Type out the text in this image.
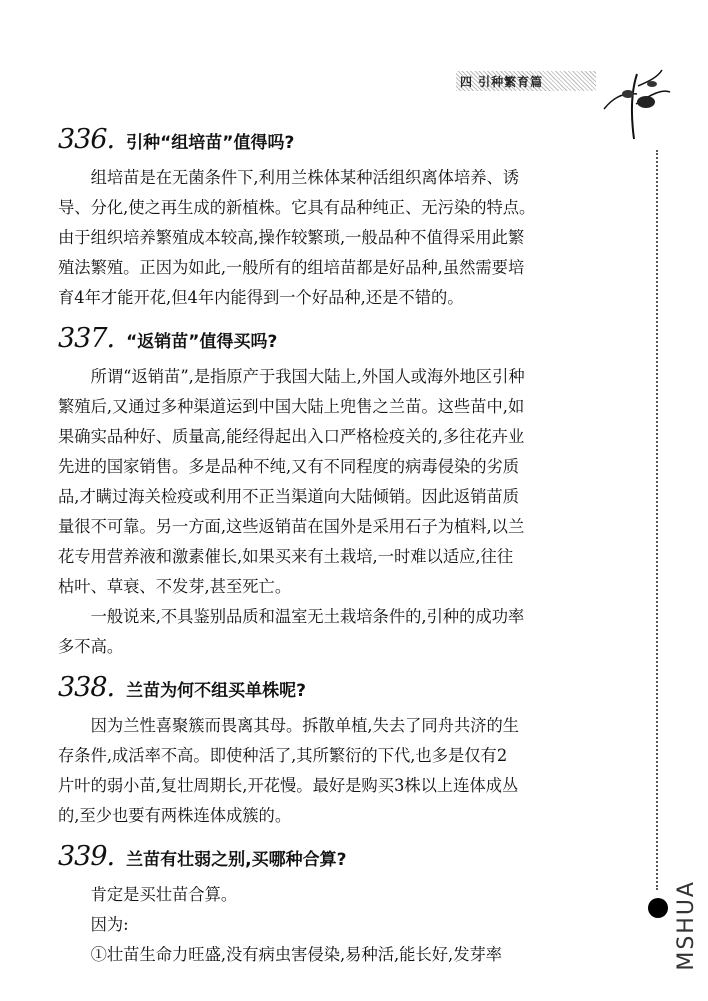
四 引种繁育篇
MSHUA
336. 引种“组培苗”值得吗?

组培苗是在无菌条件下,利用兰株体某种活组织离体培养、诱

导、分化,使之再生成的新植株。它具有品种纯正、无污染的特点。

由于组织培养繁殖成本较高,操作较繁琐,一般品种不值得采用此繁

殖法繁殖。正因为如此,一般所有的组培苗都是好品种,虽然需要培

育4年才能开花,但4年内能得到一个好品种,还是不错的。

337. “返销苗”值得买吗?

所谓“返销苗”,是指原产于我国大陆上,外国人或海外地区引种

繁殖后,又通过多种渠道运到中国大陆上兜售之兰苗。这些苗中,如

果确实品种好、质量高,能经得起出入口严格检疫关的,多往花卉业

先进的国家销售。多是品种不纯,又有不同程度的病毒侵染的劣质

品,才瞒过海关检疫或利用不正当渠道向大陆倾销。因此返销苗质

量很不可靠。另一方面,这些返销苗在国外是采用石子为植料,以兰

花专用营养液和激素催长,如果买来有土栽培,一时难以适应,往往

枯叶、草衰、不发芽,甚至死亡。

一般说来,不具鉴别品质和温室无土栽培条件的,引种的成功率

多不高。

338. 兰苗为何不组买单株呢?

因为兰性喜聚簇而畏离其母。拆散单植,失去了同舟共济的生

存条件,成活率不高。即使种活了,其所繁衍的下代,也多是仅有2

片叶的弱小苗,复壮周期长,开花慢。最好是购买3株以上连体成丛

的,至少也要有两株连体成簇的。

339. 兰苗有壮弱之别,买哪种合算?

肯定是买壮苗合算。

因为:

①壮苗生命力旺盛,没有病虫害侵染,易种活,能长好,发芽率
